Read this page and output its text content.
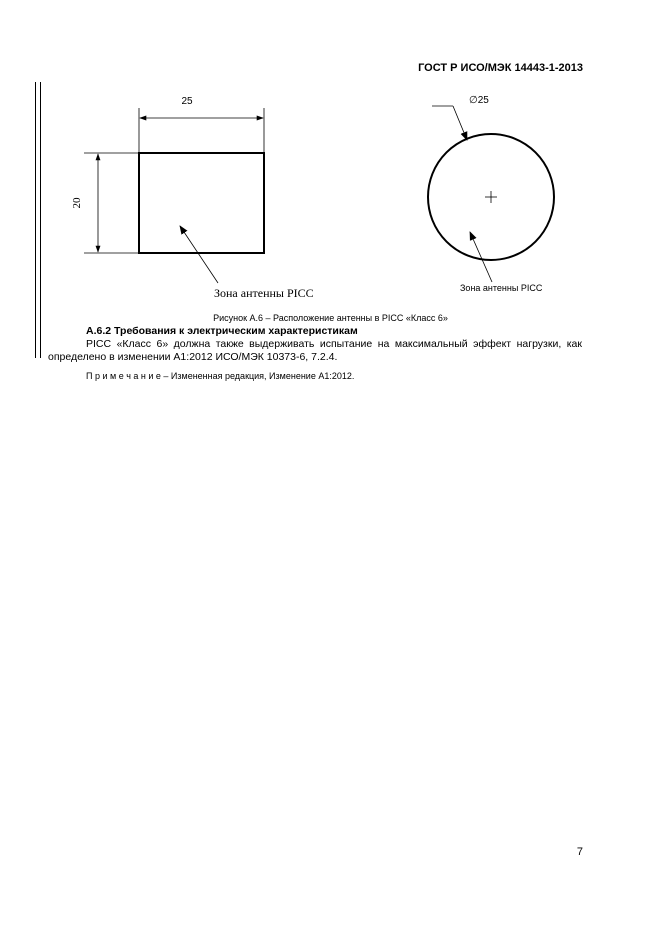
ГОСТ Р ИСО/МЭК 14443-1-2013
25
20
Зона антенны PICC
∅25
Зона антенны PICC
Рисунок А.6 – Расположение антенны в PICC «Класс 6»
А.6.2 Требования к электрическим характеристикам
PICC «Класс 6» должна также выдерживать испытание на максимальный эффект нагрузки, как
определено в изменении А1:2012 ИСО/МЭК 10373-6, 7.2.4.
П р и м е ч а н и е – Измененная редакция, Изменение А1:2012.
7
